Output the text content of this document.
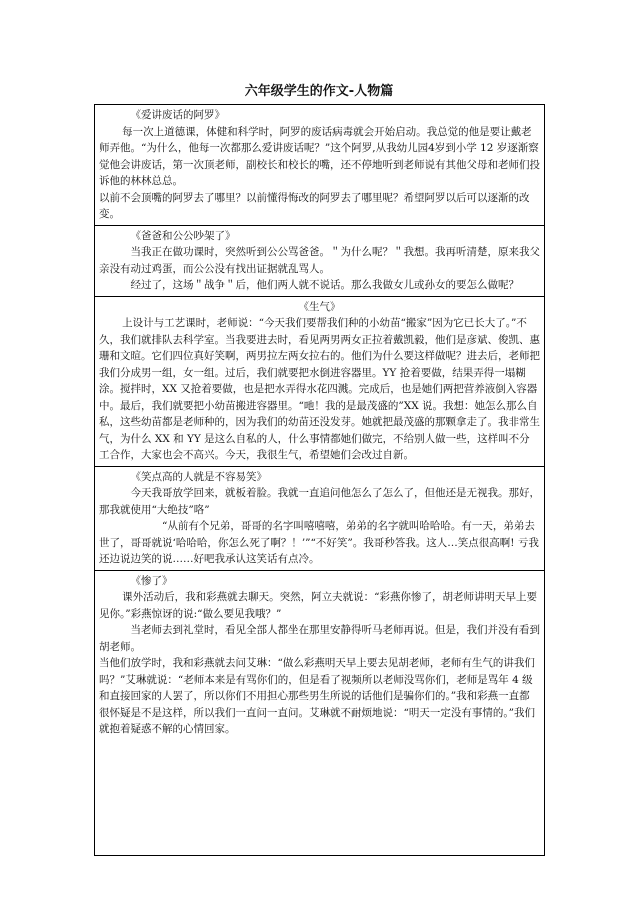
六年级学生的作文-人物篇

《爱讲废话的阿罗》

每一次上道德课，体健和科学时，阿罗的废话病毒就会开始启动。我总觉的他是要让戴老师弄他。“为什么，他每一次都那么爱讲废话呢？”这个阿罗,从我幼儿园4岁到小学 12 岁逐渐察觉他会讲废话，第一次顶老师，副校长和校长的嘴，还不停地听到老师说有其他父母和老师们投诉他的林林总总。

以前不会顶嘴的阿罗去了哪里？以前懂得悔改的阿罗去了哪里呢？希望阿罗以后可以逐渐的改变。

《爸爸和公公吵架了》

当我正在做功课时，突然听到公公骂爸爸。＂为什么呢？＂我想。我再听清楚，原来我父亲没有动过鸡蛋，而公公没有找出证据就乱骂人。

经过了，这场＂战争＂后，他们两人就不说话。那么我做女儿或孙女的要怎么做呢？

《生气》

上设计与工艺课时，老师说：“今天我们要帮我们种的小幼苗“搬家”因为它已长大了。”不久，我们就排队去科学室。当我要进去时，看见两男两女正拉着戴凯毅，他们是彦斌、俊凯、惠珊和文暄。它们四位真好笑啊，两男拉左两女拉右的。他们为什么要这样做呢？进去后，老师把我们分成男一组，女一组。过后，我们就要把水倒进容器里。YY 抢着要做，结果弄得一塌糊涂。搅拌时，XX 又抢着要做，也是把水弄得水花四溅。完成后，也是她们两把营养液倒入容器中。最后，我们就要把小幼苗搬进容器里。“吔！我的是最茂盛的”XX 说。我想：她怎么那么自私，这些幼苗都是老师种的，因为我们的幼苗还没发芽。她就把最茂盛的那颗拿走了。我非常生气，为什么 XX 和 YY 是这么自私的人，什么事情都她们做完，不给别人做一些，这样叫不分工合作，大家也会不高兴。今天，我很生气，希望她们会改过自新。

《笑点高的人就是不容易笑》

今天我哥放学回来，就板着脸。我就一直追问他怎么了怎么了，但他还是无视我。那好，那我就使用“大绝技”咯”

“从前有个兄弟，哥哥的名字叫嘻嘻嘻，弟弟的名字就叫哈哈哈。有一天，弟弟去世了，哥哥就说‘哈哈哈，你怎么死了啊？！’”“不好笑”。我哥秒答我。这人…笑点很高啊! 亏我还边说边笑的说……好吧我承认这笑话有点冷。

《惨了》

课外活动后，我和彩燕就去聊天。突然，阿立夫就说：“彩燕你惨了，胡老师讲明天早上要见你。”彩燕惊讶的说:“做么要见我哦？”

当老师去到礼堂时，看见全部人都坐在那里安静得听马老师再说。但是，我们并没有看到胡老师。

当他们放学时，我和彩燕就去问艾琳：“做么彩燕明天早上要去见胡老师，老师有生气的讲我们吗？”艾琳就说：“老师本来是有骂你们的，但是看了视频所以老师没骂你们，老师是骂年 4 级和直接回家的人罢了，所以你们不用担心那些男生所说的话他们是骗你们的。”我和彩燕一直都很怀疑是不是这样，所以我们一直问一直问。艾琳就不耐烦地说：“明天一定没有事情的。”我们就抱着疑惑不解的心情回家。
